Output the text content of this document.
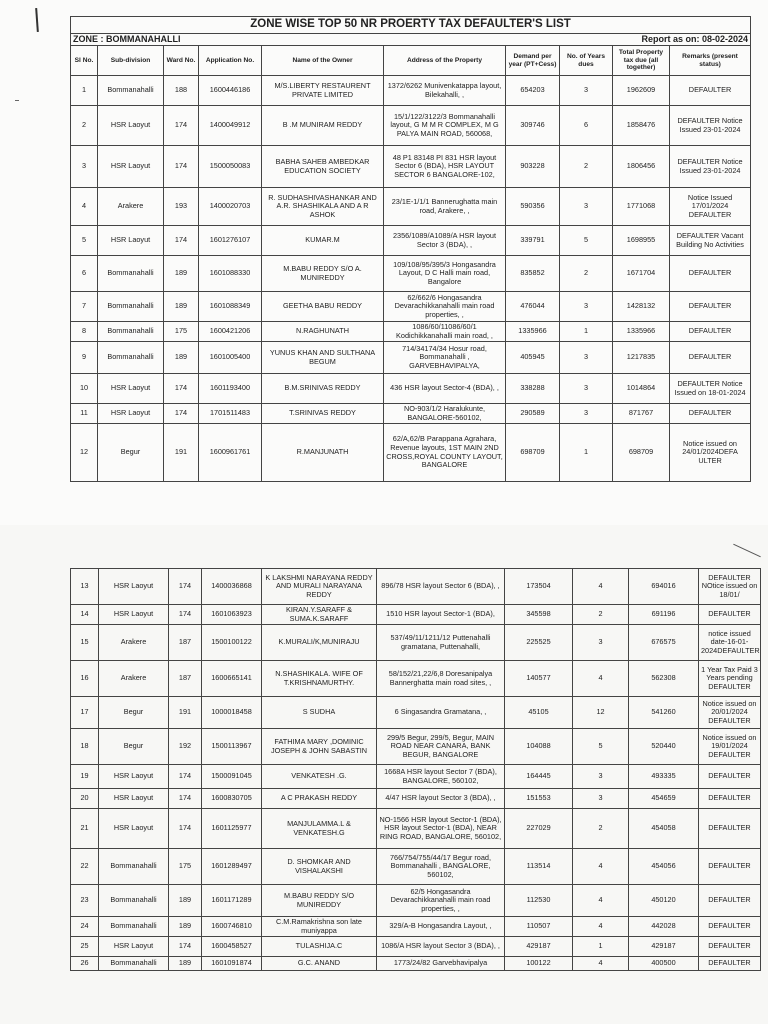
ZONE WISE TOP 50 NR PROERTY TAX DEFAULTER'S LIST									
ZONE : BOMMANAHALLI					Report as on: 08-02-2024				
Sl No.	Sub-division	Ward No.	Application No.	Name of the Owner	Address of the Property	Demand per year (PT+Cess)	No. of Years dues	Total Property tax due (all together)	Remarks (present status)
1	Bommanahalli	188	1600446186	M/S.LIBERTY RESTAURENT PRIVATE LIMITED	1372/6262 Munivenkatappa layout, Bilekahalli, ,	654203	3	1962609	DEFAULTER
2	HSR Laoyut	174	1400049912	B .M MUNIRAM REDDY	15/1/122/3122/3 Bommanahalli layout, G M M R COMPLEX, M G PALYA MAIN ROAD, 560068,	309746	6	1858476	DEFAULTER Notice Issued 23-01-2024
3	HSR Laoyut	174	1500050083	BABHA SAHEB AMBEDKAR EDUCATION SOCIETY	48 P1 83148 PI 831 HSR layout Sector 6 (BDA), HSR LAYOUT SECTOR 6 BANGALORE-102,	903228	2	1806456	DEFAULTER Notice Issued 23-01-2024
4	Arakere	193	1400020703	R. SUDHASHIVASHANKAR AND A.R. SHASHIKALA AND A R ASHOK	23/1E-1/1/1 Bannerughatta main road, Arakere, ,	590356	3	1771068	Notice Issued 17/01/2024 DEFAULTER
5	HSR Laoyut	174	1601276107	KUMAR.M	2356/1089/A1089/A HSR layout Sector 3 (BDA), ,	339791	5	1698955	DEFAULTER Vacant Building No Activities
6	Bommanahalli	189	1601088330	M.BABU REDDY S/O A. MUNIREDDY	109/108/95/395/3 Hongasandra Layout, D C Halli main road, Bangalore	835852	2	1671704	DEFAULTER
7	Bommanahalli	189	1601088349	GEETHA BABU REDDY	62/662/6 Hongasandra Devarachikkanahalli main road properties, ,	476044	3	1428132	DEFAULTER
8	Bommanahalli	175	1600421206	N.RAGHUNATH	1086/60/11086/60/1 Kodichikkanahalli main road, ,	1335966	1	1335966	DEFAULTER
9	Bommanahalli	189	1601005400	YUNUS KHAN AND SULTHANA BEGUM	714/34174/34 Hosur road, Bommanahalli , GARVEBHAVIPALYA,	405945	3	1217835	DEFAULTER
10	HSR Laoyut	174	1601193400	B.M.SRINIVAS REDDY	436 HSR layout Sector-4 (BDA), ,	338288	3	1014864	DEFAULTER Notice Issued on 18-01-2024
11	HSR Laoyut	174	1701511483	T.SRINIVAS REDDY	NO-903/1/2 Haralukunte, BANGALORE-560102,	290589	3	871767	DEFAULTER
12	Begur	191	1600961761	R.MANJUNATH	62/A,62/B Parappana Agrahara, Revenue layouts, 1ST MAIN 2ND CROSS,ROYAL COUNTY LAYOUT, BANGALORE	698709	1	698709	Notice issued on 24/01/2024DEFA ULTER
13	HSR Laoyut	174	1400036868	K LAKSHMI NARAYANA REDDY AND MURALI NARAYANA REDDY	896/78 HSR layout Sector 6 (BDA), ,	173504	4	694016	DEFAULTER NOtice issued on 18/01/
14	HSR Laoyut	174	1601063923	KIRAN.Y.SARAFF & SUMA.K.SARAFF	1510 HSR layout Sector-1 (BDA),	345598	2	691196	DEFAULTER
15	Arakere	187	1500100122	K.MURALI/K,MUNIRAJU	537/49/11/1211/12 Puttenahalli gramatana, Puttenahalli,	225525	3	676575	notice issued date-16-01-2024DEFAULTER
16	Arakere	187	1600665141	N.SHASHIKALA. WIFE OF T.KRISHNAMURTHY.	58/152/21,22/6,8 Doresanipalya Bannerghatta main road sites, ,	140577	4	562308	1 Year Tax Paid 3 Years pending DEFAULTER
17	Begur	191	1000018458	S SUDHA	6 Singasandra Gramatana, ,	45105	12	541260	Notice issued on 20/01/2024 DEFAULTER
18	Begur	192	1500113967	FATHIMA MARY ,DOMINIC JOSEPH & JOHN SABASTIN	299/5 Begur, 299/5, Begur, MAIN ROAD NEAR CANARA, BANK BEGUR, BANGALORE	104088	5	520440	Notice issued on 19/01/2024 DEFAULTER
19	HSR Laoyut	174	1500091045	VENKATESH .G.	1668A HSR layout Sector 7 (BDA), BANGALORE, 560102,	164445	3	493335	DEFAULTER
20	HSR Laoyut	174	1600830705	A C PRAKASH REDDY	4/47 HSR layout Sector 3 (BDA), ,	151553	3	454659	DEFAULTER
21	HSR Laoyut	174	1601125977	MANJULAMMA.L & VENKATESH.G	NO-1566 HSR layout Sector-1 (BDA), HSR layout Sector-1 (BDA), NEAR RING ROAD, BANGALORE, 560102,	227029	2	454058	DEFAULTER
22	Bommanahalli	175	1601289497	D. SHOMKAR AND VISHALAKSHI	766/754/755/44/17 Begur road, Bommanahalli , BANGALORE, 560102,	113514	4	454056	DEFAULTER
23	Bommanahalli	189	1601171289	M.BABU REDDY S/O MUNIREDDY	62/5 Hongasandra Devarachikkanahalli main road properties, ,	112530	4	450120	DEFAULTER
24	Bommanahalli	189	1600746810	C.M.Ramakrishna son late muniyappa	329/A-B Hongasandra Layout, ,	110507	4	442028	DEFAULTER
25	HSR Laoyut	174	1600458527	TULASHIJA.C	1086/A HSR layout Sector 3 (BDA), ,	429187	1	429187	DEFAULTER
26	Bommanahalli	189	1601091874	G.C. ANAND	1773/24/82 Garvebhavipalya	100122	4	400500	DEFAULTER
